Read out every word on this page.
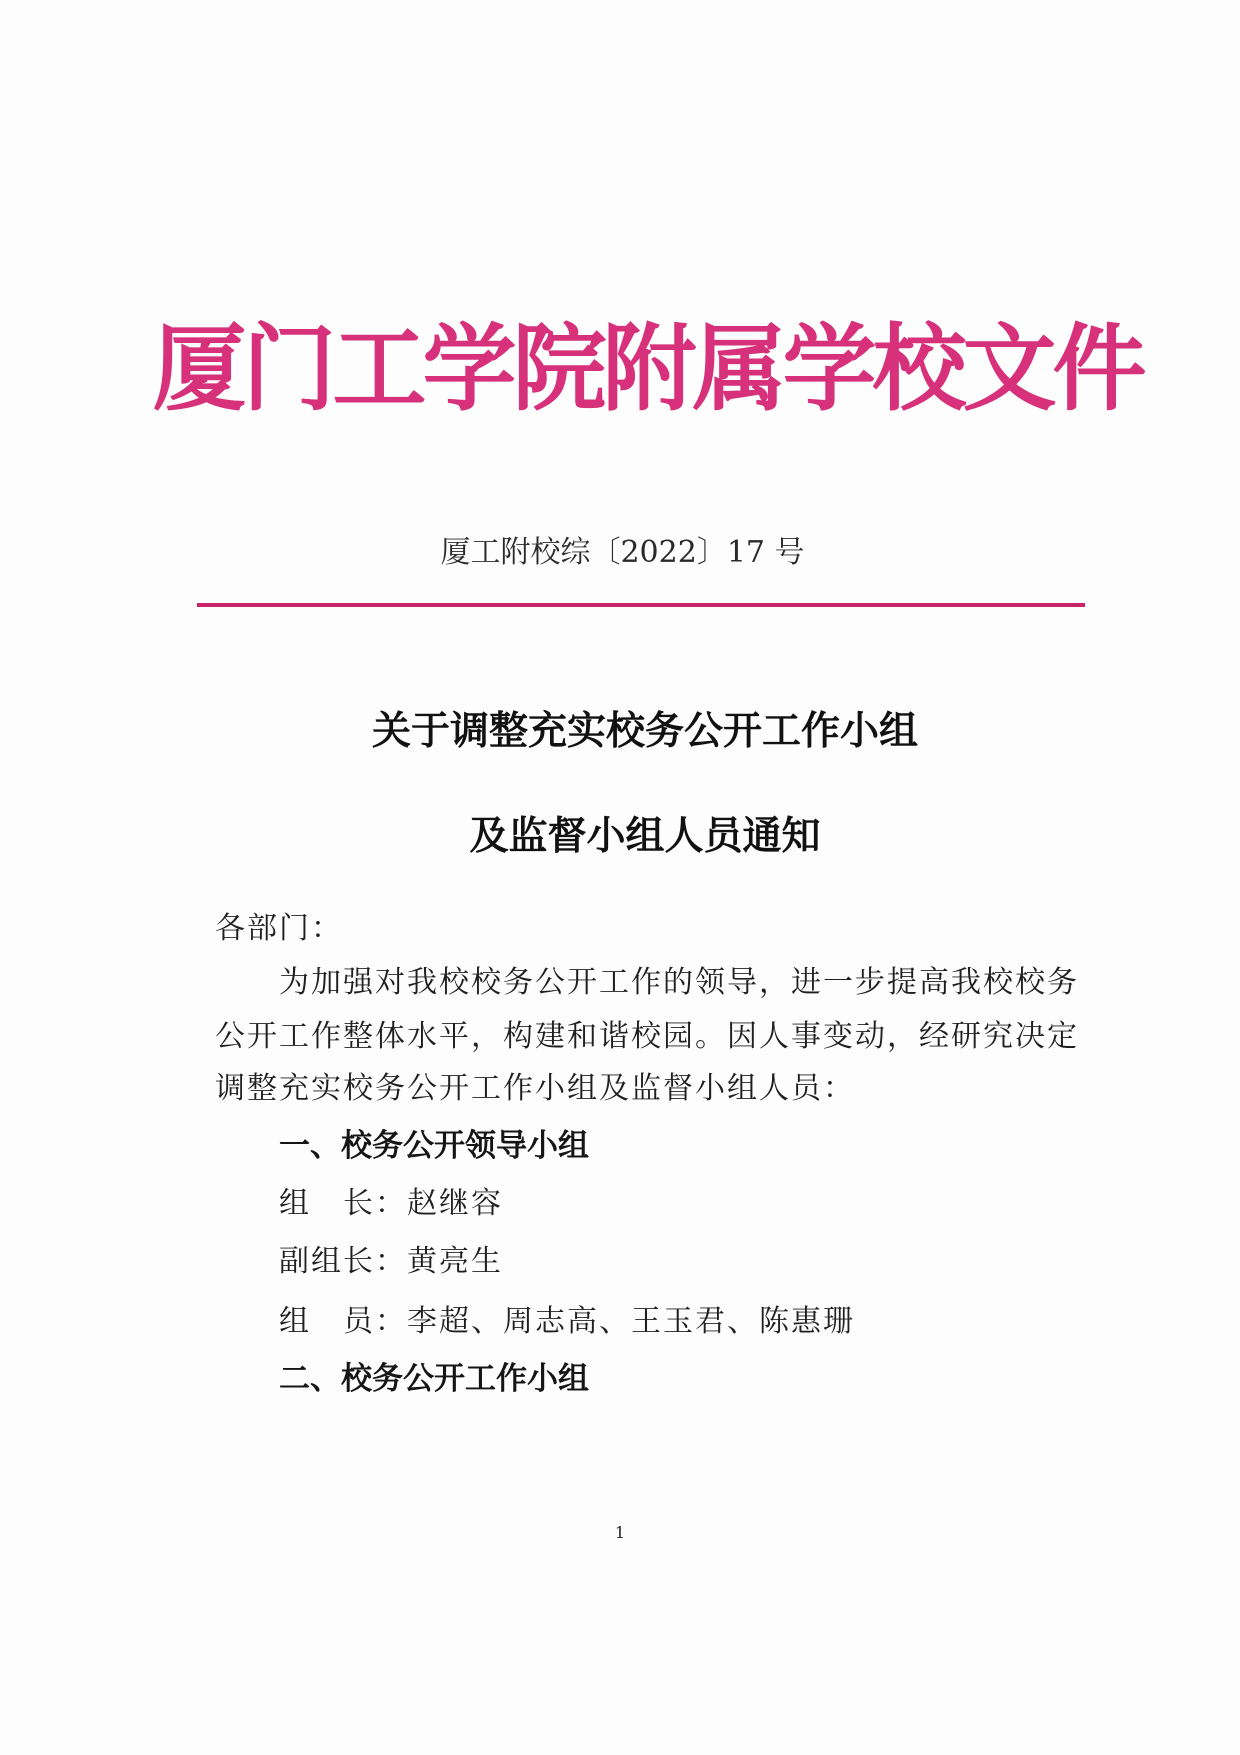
厦门工学院附属学校文件
厦工附校综〔2022〕17 号
关于调整充实校务公开工作小组
及监督小组人员通知
各部门：
为加强对我校校务公开工作的领导，进一步提高我校校务
公开工作整体水平，构建和谐校园。因人事变动，经研究决定
调整充实校务公开工作小组及监督小组人员：
一、校务公开领导小组
组　长：赵继容
副组长：黄亮生
组　员：李超、周志高、王玉君、陈惠珊
二、校务公开工作小组
1
